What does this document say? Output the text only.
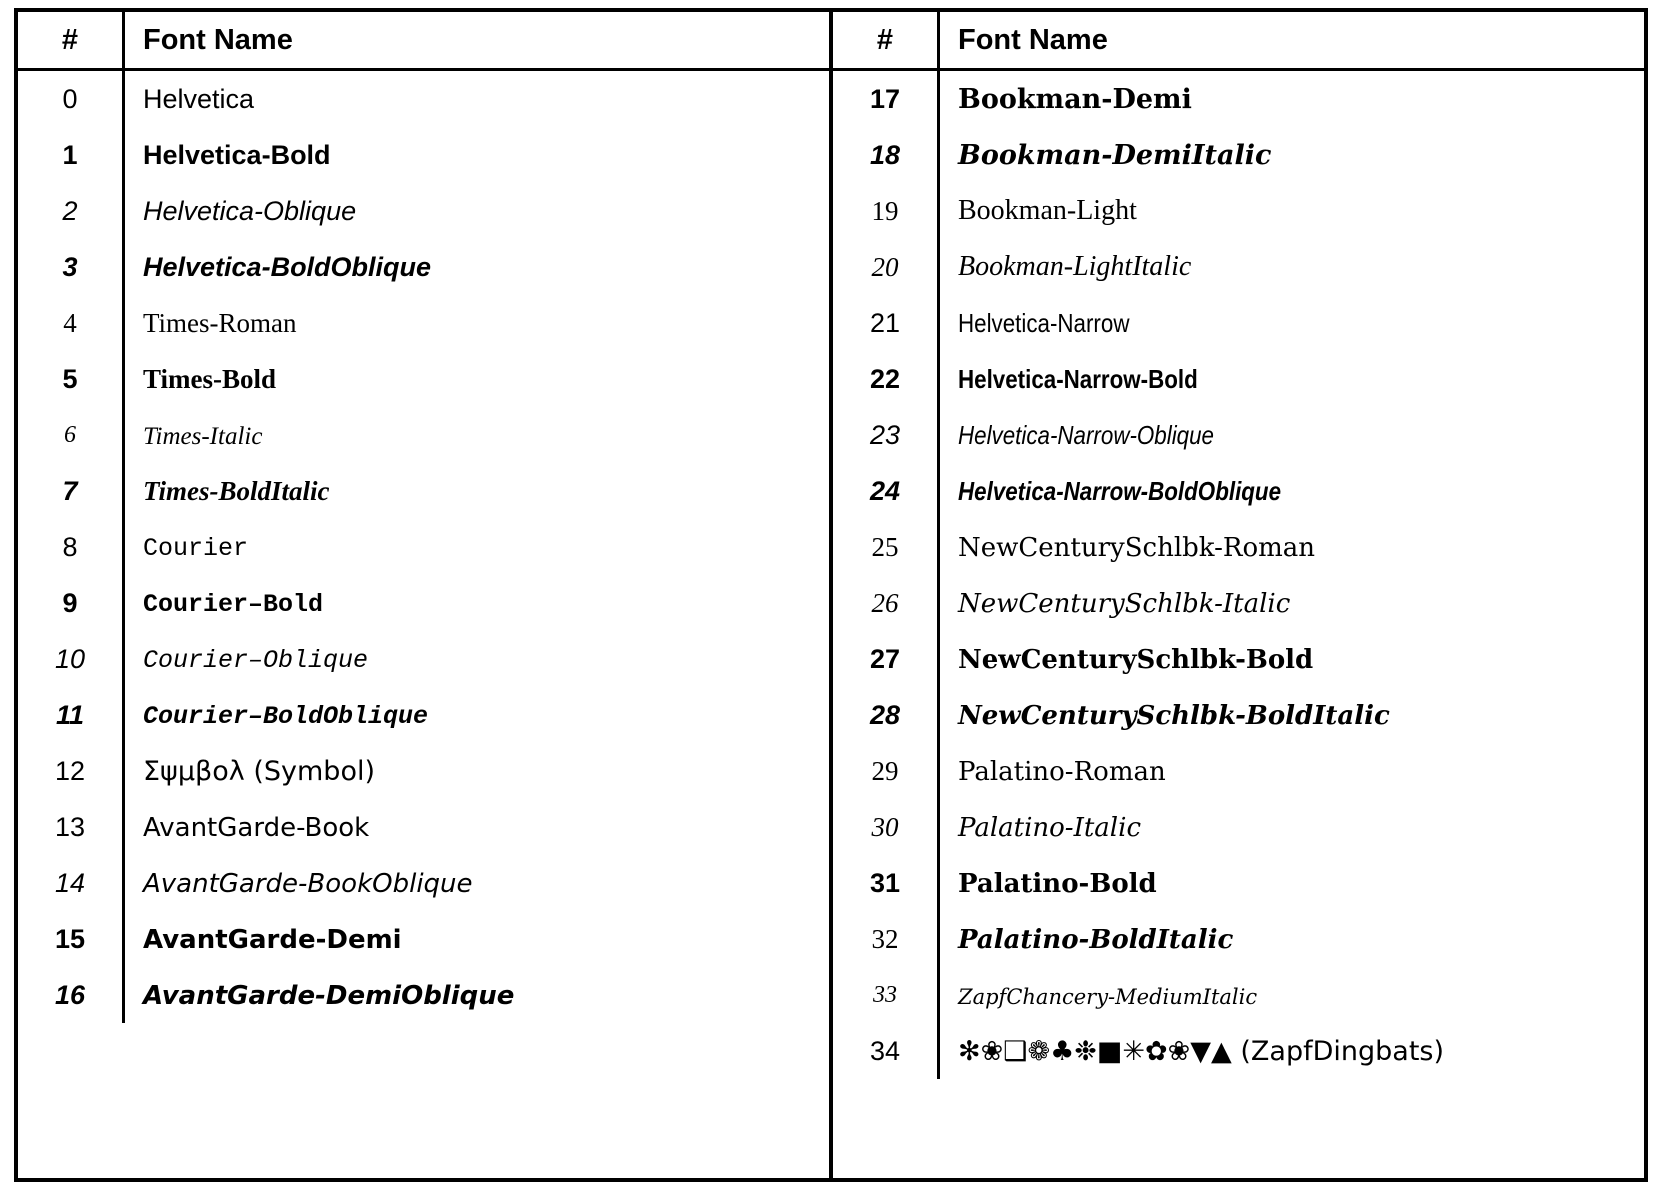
#	Font Name
0	Helvetica
1	Helvetica-Bold
2	Helvetica-Oblique
3	Helvetica-BoldOblique
4	Times-Roman
5	Times-Bold
6	Times-Italic
7	Times-BoldItalic
8	Courier
9	Courier–Bold
10	Courier–Oblique
11	Courier–BoldOblique
12	Σψμβολ (Symbol)
13	AvantGarde-Book
14	AvantGarde-BookOblique
15	AvantGarde-Demi
16	AvantGarde-DemiOblique
#	Font Name
17	Bookman-Demi
18	Bookman-DemiItalic
19	Bookman-Light
20	Bookman-LightItalic
21	Helvetica-Narrow
22	Helvetica-Narrow-Bold
23	Helvetica-Narrow-Oblique
24	Helvetica-Narrow-BoldOblique
25	NewCenturySchlbk-Roman
26	NewCenturySchlbk-Italic
27	NewCenturySchlbk-Bold
28	NewCenturySchlbk-BoldItalic
29	Palatino-Roman
30	Palatino-Italic
31	Palatino-Bold
32	Palatino-BoldItalic
33	ZapfChancery-MediumItalic
34	✻❀❑❁♣❉■✳✿❀▼▲ (ZapfDingbats)
